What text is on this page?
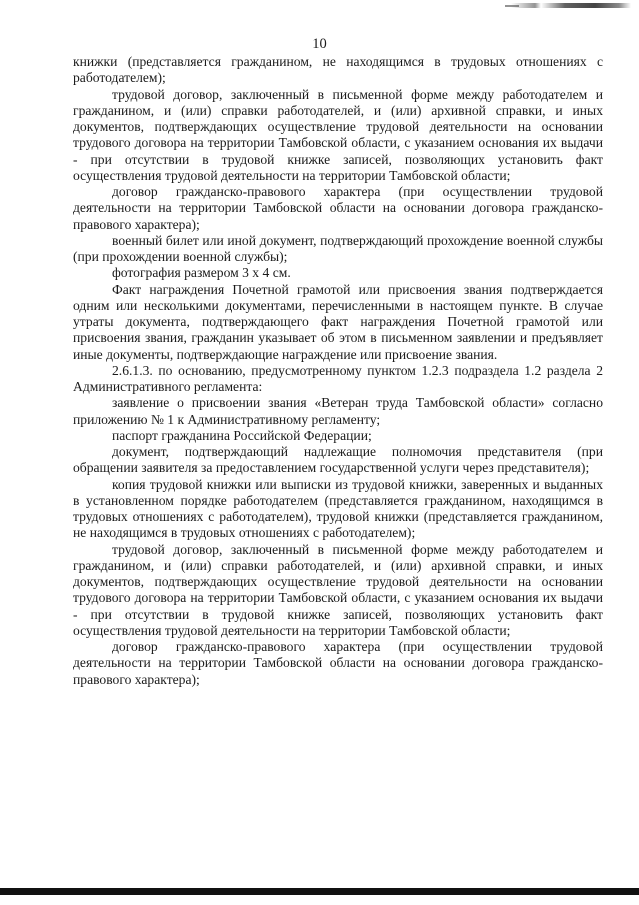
10

книжки (представляется гражданином, не находящимся в трудовых отношениях с работодателем);

трудовой договор, заключенный в письменной форме между работодателем и гражданином, и (или) справки работодателей, и (или) архивной справки, и иных документов, подтверждающих осуществление трудовой деятельности на основании трудового договора на территории Тамбовской области, с указанием основания их выдачи - при отсутствии в трудовой книжке записей, позволяющих установить факт осуществления трудовой деятельности на территории Тамбовской области;

договор гражданско-правового характера (при осуществлении трудовой деятельности на территории Тамбовской области на основании договора гражданско-правового характера);

военный билет или иной документ, подтверждающий прохождение военной службы (при прохождении военной службы);

фотография размером 3 х 4 см.

Факт награждения Почетной грамотой или присвоения звания подтверждается одним или несколькими документами, перечисленными в настоящем пункте. В случае утраты документа, подтверждающего факт награждения Почетной грамотой или присвоения звания, гражданин указывает об этом в письменном заявлении и предъявляет иные документы, подтверждающие награждение или присвоение звания.

2.6.1.3. по основанию, предусмотренному пунктом 1.2.3 подраздела 1.2 раздела 2 Административного регламента:

заявление о присвоении звания «Ветеран труда Тамбовской области» согласно приложению № 1 к Административному регламенту;

паспорт гражданина Российской Федерации;

документ, подтверждающий надлежащие полномочия представителя (при обращении заявителя за предоставлением государственной услуги через представителя);

копия трудовой книжки или выписки из трудовой книжки, заверенных и выданных в установленном порядке работодателем (представляется гражданином, находящимся в трудовых отношениях с работодателем), трудовой книжки (представляется гражданином, не находящимся в трудовых отношениях с работодателем);

трудовой договор, заключенный в письменной форме между работодателем и гражданином, и (или) справки работодателей, и (или) архивной справки, и иных документов, подтверждающих осуществление трудовой деятельности на основании трудового договора на территории Тамбовской области, с указанием основания их выдачи - при отсутствии в трудовой книжке записей, позволяющих установить факт осуществления трудовой деятельности на территории Тамбовской области;

договор гражданско-правового характера (при осуществлении трудовой деятельности на территории Тамбовской области на основании договора гражданско-правового характера);
